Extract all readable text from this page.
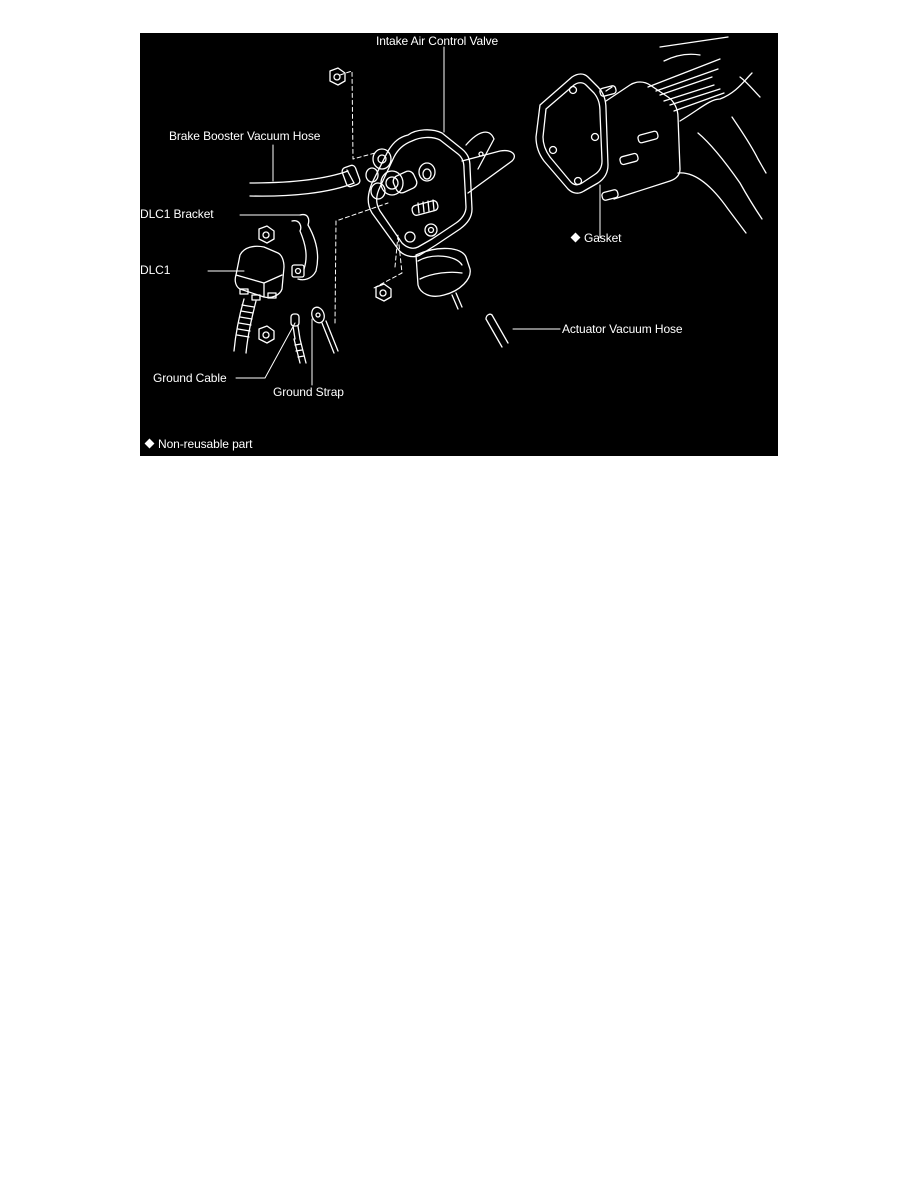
Intake Air Control Valve
Brake Booster Vacuum Hose
DLC1 Bracket
DLC1
Ground Cable
Ground Strap
Gasket
Actuator Vacuum Hose
Non-reusable part
